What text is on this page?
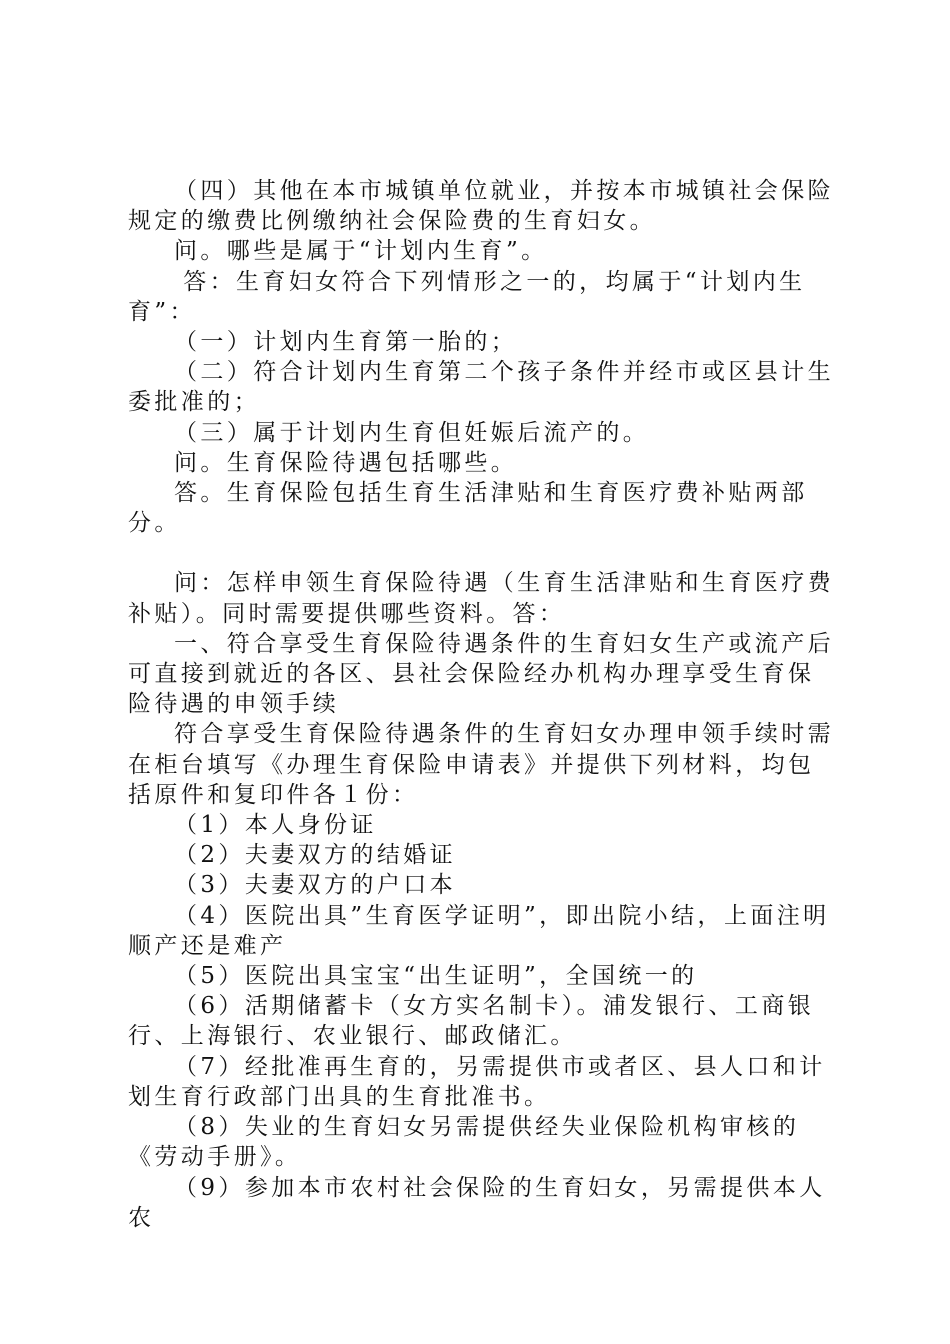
（四）其他在本市城镇单位就业，并按本市城镇社会保险规定的缴费比例缴纳社会保险费的生育妇女。

问。哪些是属于“计划内生育”。

答：生育妇女符合下列情形之一的，均属于“计划内生育”：

（一）计划内生育第一胎的；

（二）符合计划内生育第二个孩子条件并经市或区县计生委批准的；

（三）属于计划内生育但妊娠后流产的。

问。生育保险待遇包括哪些。

答。生育保险包括生育生活津贴和生育医疗费补贴两部分。

问：怎样申领生育保险待遇（生育生活津贴和生育医疗费补贴）。同时需要提供哪些资料。答：

一、符合享受生育保险待遇条件的生育妇女生产或流产后可直接到就近的各区、县社会保险经办机构办理享受生育保险待遇的申领手续

符合享受生育保险待遇条件的生育妇女办理申领手续时需在柜台填写《办理生育保险申请表》并提供下列材料，均包括原件和复印件各１份：

（1）本人身份证

（2）夫妻双方的结婚证

（3）夫妻双方的户口本

（4）医院出具”生育医学证明”，即出院小结，上面注明顺产还是难产

（5）医院出具宝宝“出生证明”，全国统一的

（6）活期储蓄卡（女方实名制卡）。浦发银行、工商银行、上海银行、农业银行、邮政储汇。

（7）经批准再生育的，另需提供市或者区、县人口和计划生育行政部门出具的生育批准书。

（8）失业的生育妇女另需提供经失业保险机构审核的《劳动手册》。

（9）参加本市农村社会保险的生育妇女，另需提供本人农
